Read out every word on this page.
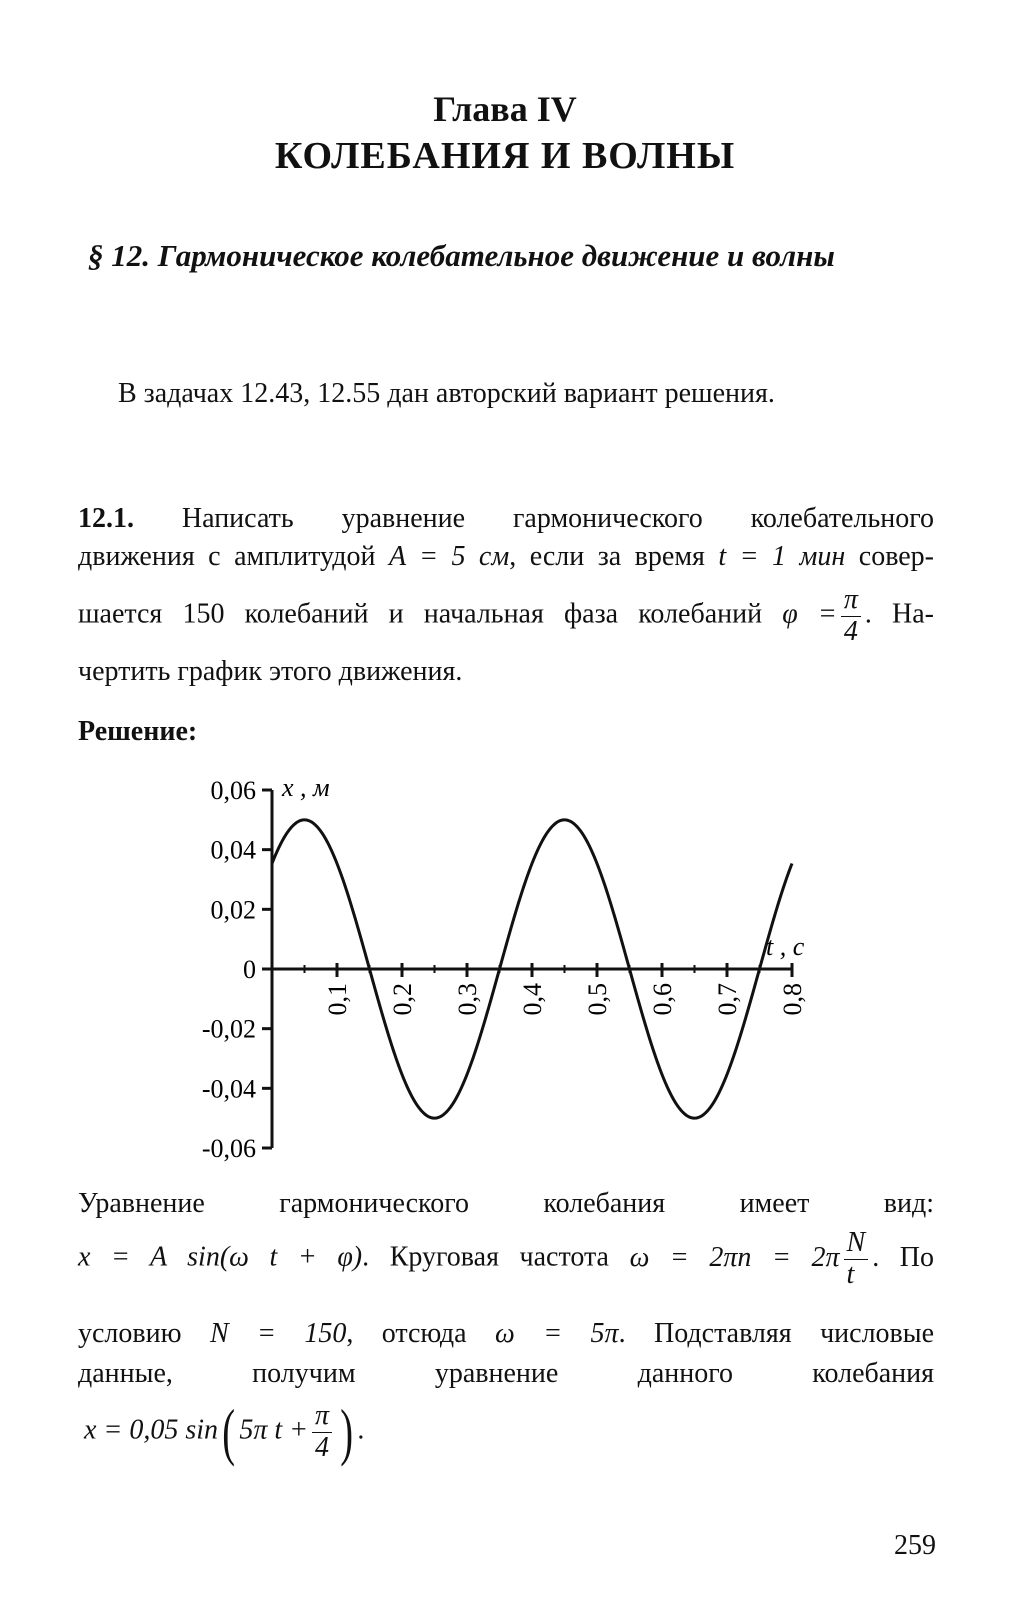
Глава IV
КОЛЕБАНИЯ И ВОЛНЫ
§ 12. Гармоническое колебательное движение и волны
В задачах 12.43, 12.55 дан авторский вариант решения.
12.1. Написать уравнение гармонического колебательного
движения с амплитудой A = 5 см, если за время t = 1 мин совер-
шается 150 колебаний и начальная фаза колебаний $\varphi = \frac{\pi}{4}$ . На-
чертить график этого движения.
Решение:
0,06
0,04
0,02
0
-0,02
-0,04
-0,06
0,1 0,2 0,3 0,4 0,5 0,6 0,7 0,8
x , м
t , с
Уравнение	гармонического	колебания	имеет	вид:
x = A sin(ω t + φ). Круговая частота $\omega = 2\pi n = 2\pi \frac{N}{t}$ . По
условию N = 150, отсюда ω = 5π. Подставляя числовые
данные,	получим	уравнение	данного	колебания
x = 0,05 sin( 5π $t + \frac{\pi}{4}$ ) .
259
